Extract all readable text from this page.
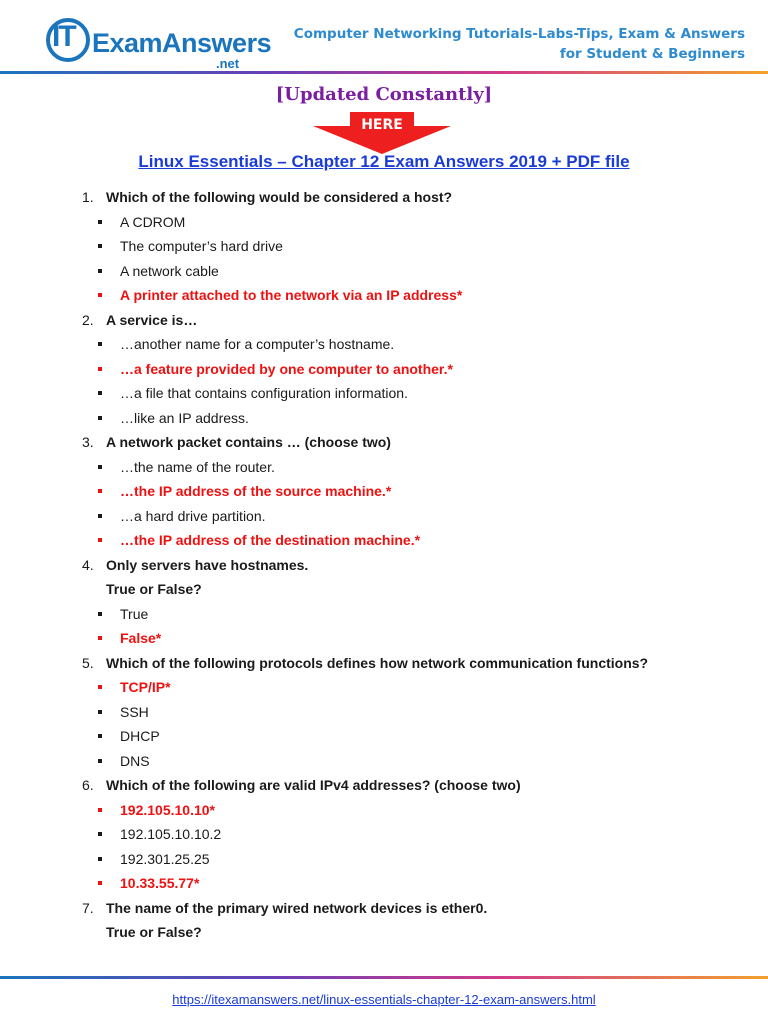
IT ExamAnswers
.net
Computer Networking Tutorials-Labs-Tips, Exam & Answers
for Student & Beginners
[Updated Constantly]
HERE
Linux Essentials – Chapter 12 Exam Answers 2019 + PDF file
1. Which of the following would be considered a host?
A CDROM
The computer’s hard drive
A network cable
A printer attached to the network via an IP address*
2. A service is…
…another name for a computer’s hostname.
…a feature provided by one computer to another.*
…a file that contains configuration information.
…like an IP address.
3. A network packet contains … (choose two)
…the name of the router.
…the IP address of the source machine.*
…a hard drive partition.
…the IP address of the destination machine.*
4. Only servers have hostnames.
True or False?
True
False*
5. Which of the following protocols defines how network communication functions?
TCP/IP*
SSH
DHCP
DNS
6. Which of the following are valid IPv4 addresses? (choose two)
192.105.10.10*
192.105.10.10.2
192.301.25.25
10.33.55.77*
7. The name of the primary wired network devices is ether0.
True or False?
https://itexamanswers.net/linux-essentials-chapter-12-exam-answers.html
